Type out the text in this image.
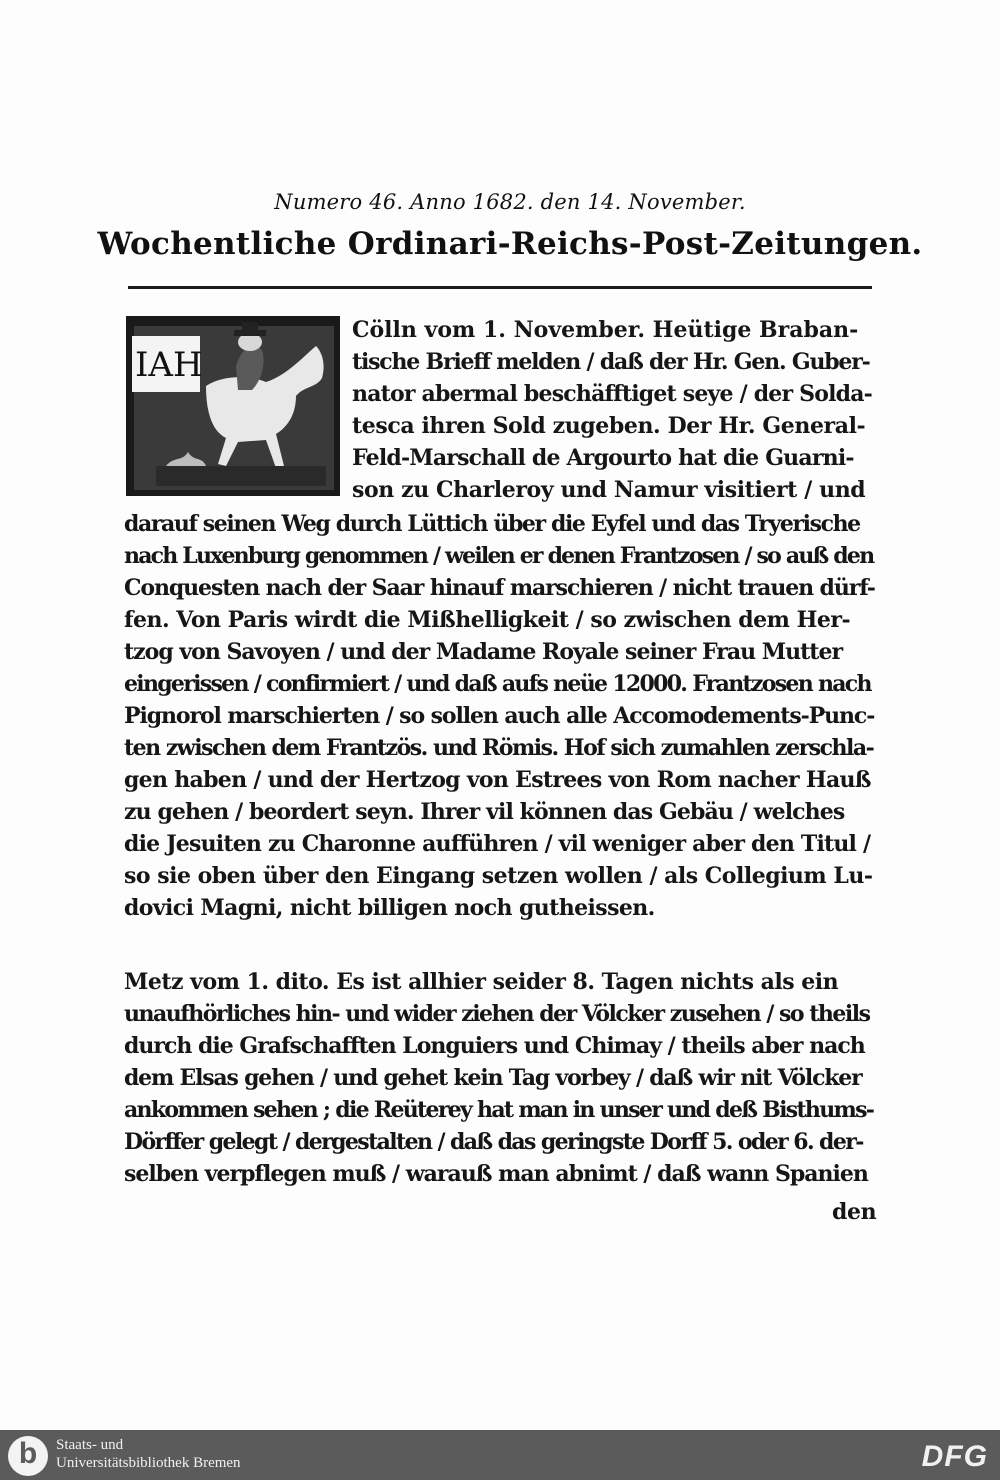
Numero 46. Anno 1682. den 14. November.
Wochentliche Ordinari-Reichs-Post-Zeitungen.
IAH
Cölln vom 1. November. Heütige Braban-
tische Brieff melden / daß der Hr. Gen. Guber-
nator abermal beschäfftiget seye / der Solda-
tesca ihren Sold zugeben. Der Hr. General-
Feld-Marschall de Argourto hat die Guarni-
son zu Charleroy und Namur visitiert / und
darauf seinen Weg durch Lüttich über die Eyfel und das Tryerische
nach Luxenburg genommen / weilen er denen Frantzosen / so auß den
Conquesten nach der Saar hinauf marschieren / nicht trauen dürf-
fen. Von Paris wirdt die Mißhelligkeit / so zwischen dem Her-
tzog von Savoyen / und der Madame Royale seiner Frau Mutter
eingerissen / confirmiert / und daß aufs neüe 12000. Frantzosen nach
Pignorol marschierten / so sollen auch alle Accomodements-Punc-
ten zwischen dem Frantzös. und Römis. Hof sich zumahlen zerschla-
gen haben / und der Hertzog von Estrees von Rom nacher Hauß
zu gehen / beordert seyn. Ihrer vil können das Gebäu / welches
die Jesuiten zu Charonne aufführen / vil weniger aber den Titul /
so sie oben über den Eingang setzen wollen / als Collegium Lu-
dovici Magni, nicht billigen noch gutheissen.
Metz vom 1. dito. Es ist allhier seider 8. Tagen nichts als ein
unaufhörliches hin- und wider ziehen der Völcker zusehen / so theils
durch die Grafschafften Longuiers und Chimay / theils aber nach
dem Elsas gehen / und gehet kein Tag vorbey / daß wir nit Völcker
ankommen sehen ; die Reüterey hat man in unser und deß Bisthums-
Dörffer gelegt / dergestalten / daß das geringste Dorff 5. oder 6. der-
selben verpflegen muß / warauß man abnimt / daß wann Spanien
den
b	Staats- und
Universitätsbibliothek Bremen	DFG
